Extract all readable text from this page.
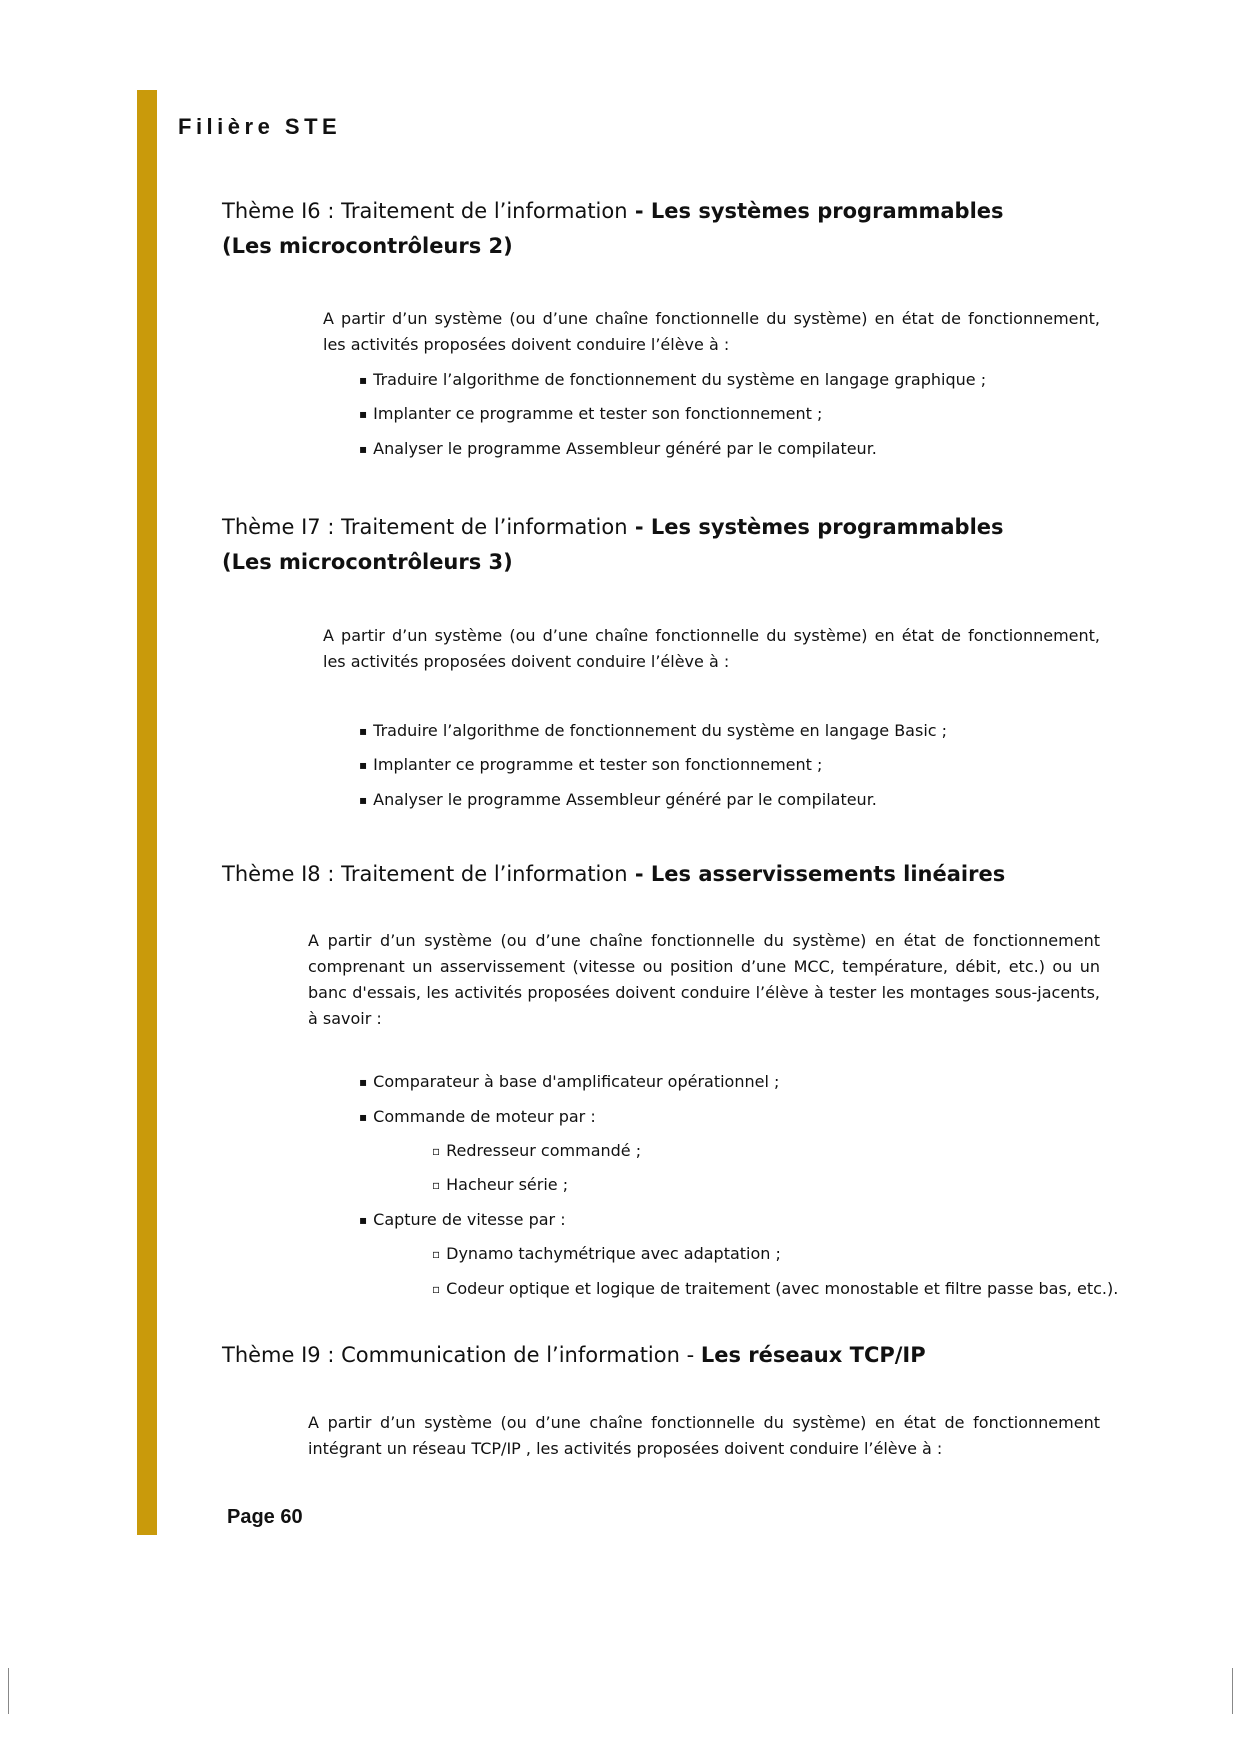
Filière STE
Thème I6 : Traitement de l’information - Les systèmes programmables
(Les microcontrôleurs 2)

A partir d’un système (ou d’une chaîne fonctionnelle du système) en état de fonctionnement, les activités proposées doivent conduire l’élève à :

▪ Traduire l’algorithme de fonctionnement du système en langage graphique ;

▪ Implanter ce programme et tester son fonctionnement ;

▪ Analyser le programme Assembleur généré par le compilateur.

Thème I7 : Traitement de l’information - Les systèmes programmables
(Les microcontrôleurs 3)

A partir d’un système (ou d’une chaîne fonctionnelle du système) en état de fonctionnement, les activités proposées doivent conduire l’élève à :

▪ Traduire l’algorithme de fonctionnement du système en langage Basic ;

▪ Implanter ce programme et tester son fonctionnement ;

▪ Analyser le programme Assembleur généré par le compilateur.

Thème I8 : Traitement de l’information - Les asservissements linéaires

A partir d’un système (ou d’une chaîne fonctionnelle du système) en état de fonctionnement comprenant un asservissement (vitesse ou position d’une MCC, température, débit, etc.) ou un banc d'essais, les activités proposées doivent conduire l’élève à tester les montages sous-jacents, à savoir :

▪ Comparateur à base d'amplificateur opérationnel ;

▪ Commande de moteur par :

▫ Redresseur commandé ;

▫ Hacheur série ;

▪ Capture de vitesse par :

▫ Dynamo tachymétrique avec adaptation ;

▫ Codeur optique et logique de traitement (avec monostable et filtre passe bas, etc.).

Thème I9 : Communication de l’information - Les réseaux TCP/IP

A partir d’un système (ou d’une chaîne fonctionnelle du système) en état de fonctionnement intégrant un réseau TCP/IP , les activités proposées doivent conduire l’élève à :

Page 60
